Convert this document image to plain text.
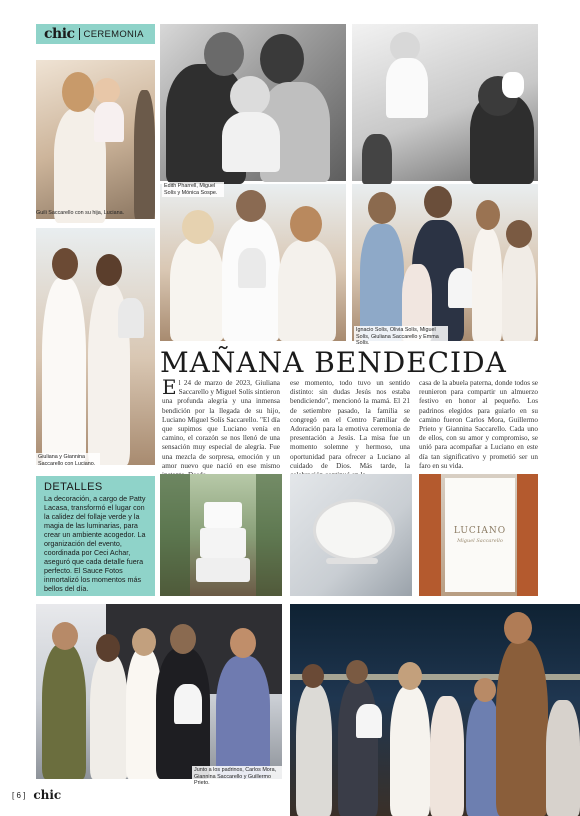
chic CEREMONIA
Guili Saccarello con su hija, Luciana.
Edith Pharrell, Miguel Solís y Mónica Sospe.
Ignacio Solís, Olivia Solís, Miguel Solís, Giuliana Saccarello y Emma Solís.
Giuliana y Giannina Saccarello con Luciano.
MAÑANA BENDECIDA
El 24 de marzo de 2023, Giuliana Saccarello y Miguel Solís sintieron una profunda alegría y una inmensa bendición por la llegada de su hijo, Luciano Miguel Solís Saccarello. "El día que supimos que Luciano venía en camino, el corazón se nos llenó de una sensación muy especial de alegría. Fue una mezcla de sorpresa, emoción y un amor nuevo que nació en ese mismo
ese momento, todo tuvo un sentido distinto: sin dudas Jesús nos estaba bendiciendo", mencionó la mamá. El 21 de setiembre pasado, la familia se congregó en el Centro Familiar de Adoración para la emotiva ceremonia de presentación a Jesús. La misa fue un momento solemne y hermoso, una oportunidad para ofrecer a Luciano al cuidado de Dios. Más tarde, la
casa de la abuela paterna, donde todos se reunieron para compartir un almuerzo festivo en honor al pequeño. Los padrinos elegidos para guiarlo en su camino fueron Carlos Mora, Guillermo Prieto y Giannina Saccarello. Cada uno de ellos, con su amor y compromiso, se unió para acompañar a Luciano en este día tan significativo y prometió ser un faro en su vida.
DETALLES
La decoración, a cargo de Patty Lacasa, transformó el lugar con la calidez del follaje verde y la magia de las luminarias, para crear un ambiente acogedor. La organización del evento, coordinada por Ceci Achar, aseguró que cada detalle fuera perfecto. El Sauce Fotos inmortalizó los momentos más bellos del día.
LUCIANO
Miguel Saccarello
Junto a los padrinos, Carlos Mora, Giannina Saccarello y Guillermo Prieto.
[ 6 ] chic
